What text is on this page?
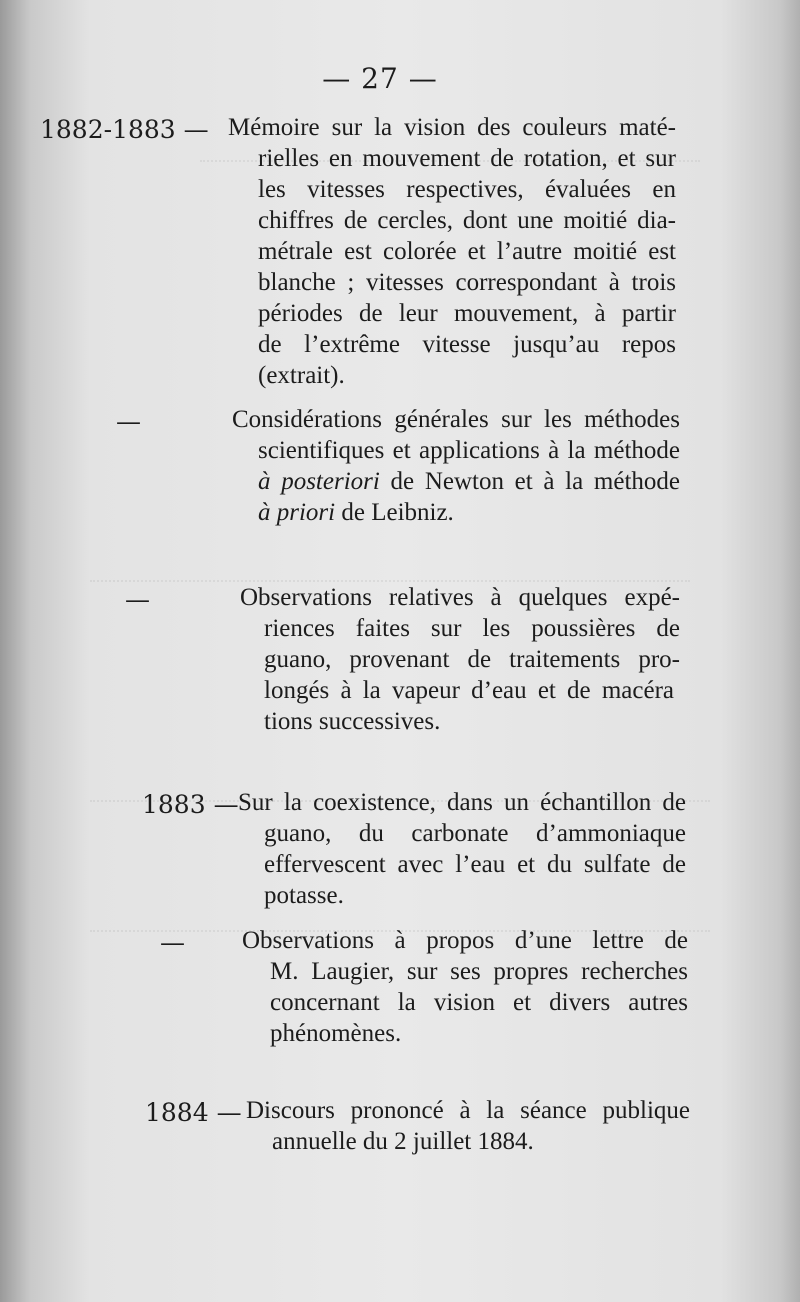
— 27 —
1882-1883 — Mémoire sur la vision des couleurs maté-
rielles en mouvement de rotation, et sur
les vitesses respectives, évaluées en
chiffres de cercles, dont une moitié dia-
métrale est colorée et l’autre moitié est
blanche ; vitesses correspondant à trois
périodes de leur mouvement, à partir
de l’extrême vitesse jusqu’au repos
(extrait).
—	Considérations générales sur les méthodes
scientifiques et applications à la méthode
à posteriori de Newton et à la méthode
à priori de Leibniz.
—	Observations relatives à quelques expé-
riences faites sur les poussières de
guano, provenant de traitements pro-
longés à la vapeur d’eau et de macéra
tions successives.
1883 — Sur la coexistence, dans un échantillon de
guano, du carbonate d’ammoniaque
effervescent avec l’eau et du sulfate de
potasse.
— Observations à propos d’une lettre de
M. Laugier, sur ses propres recherches
concernant la vision et divers autres
phénomènes.
1884 — Discours prononcé à la séance publique
annuelle du 2 juillet 1884.
